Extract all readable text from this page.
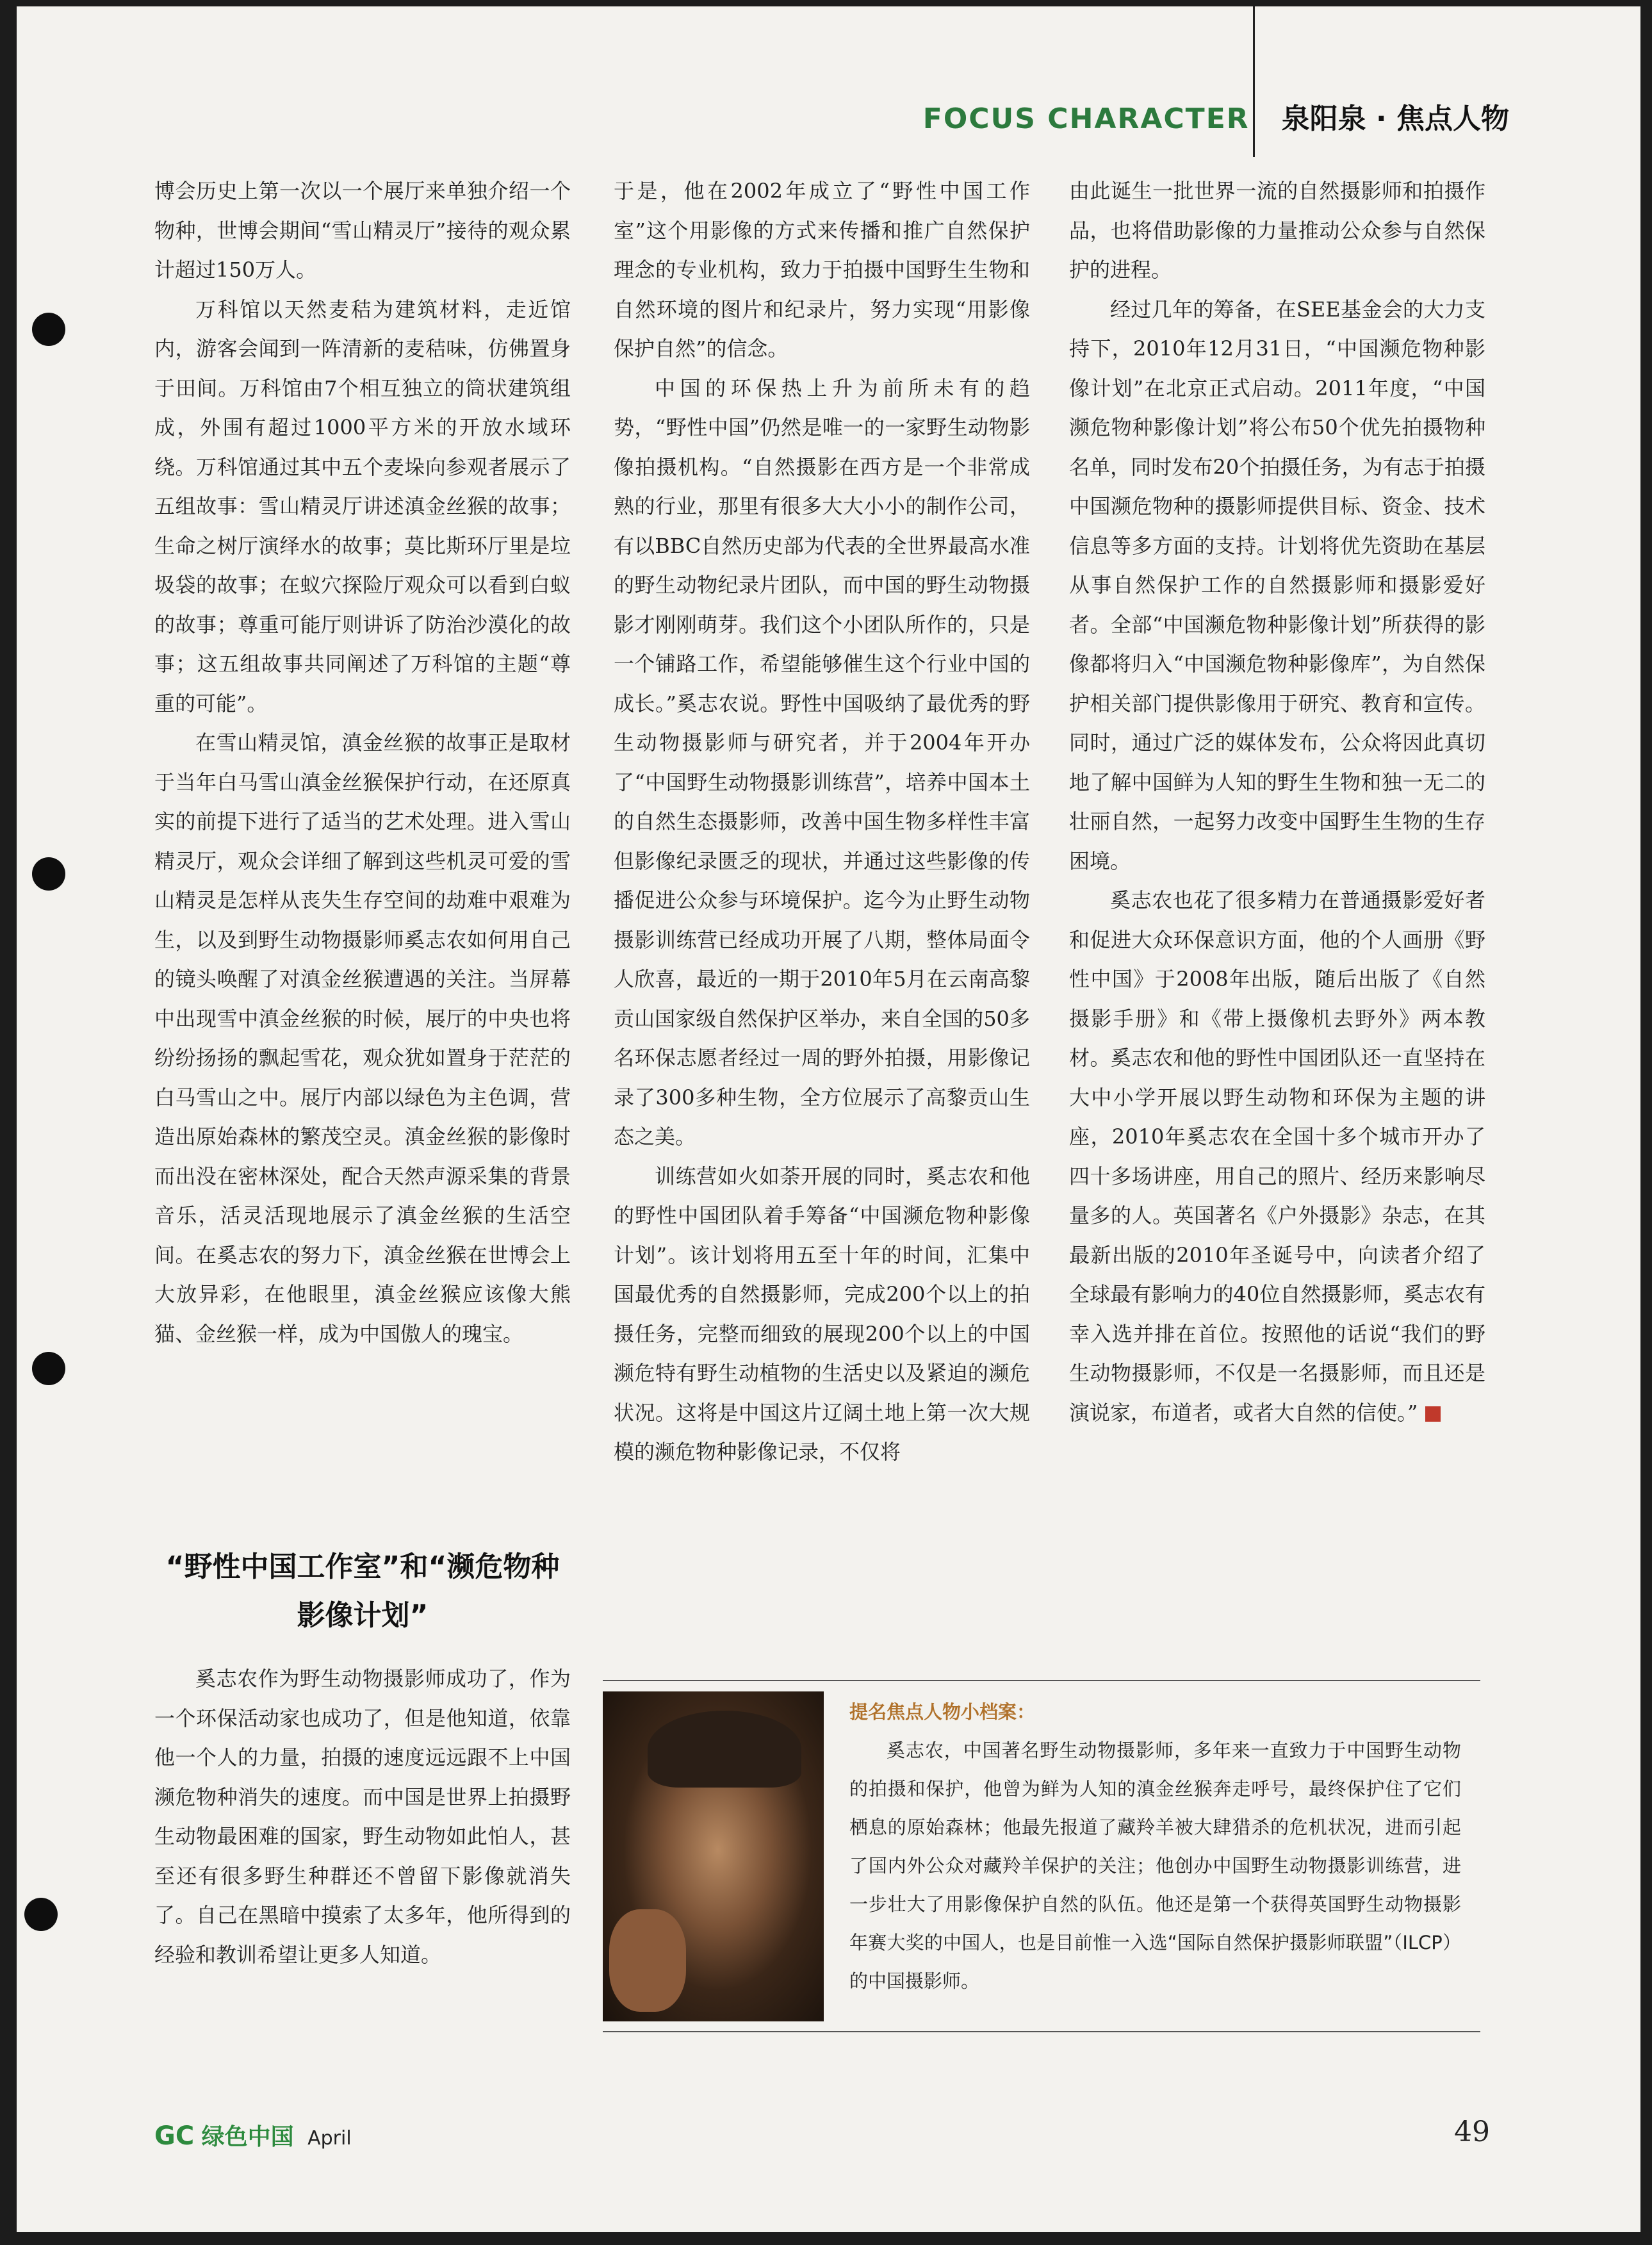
FOCUS CHARACTER 泉阳泉 · 焦点人物

博会历史上第一次以一个展厅来单独介绍一个物种，世博会期间“雪山精灵厅”接待的观众累计超过150万人。

万科馆以天然麦秸为建筑材料，走近馆内，游客会闻到一阵清新的麦秸味，仿佛置身于田间。万科馆由7个相互独立的筒状建筑组成，外围有超过1000平方米的开放水域环绕。万科馆通过其中五个麦垛向参观者展示了五组故事：雪山精灵厅讲述滇金丝猴的故事；生命之树厅演绎水的故事；莫比斯环厅里是垃圾袋的故事；在蚁穴探险厅观众可以看到白蚁的故事；尊重可能厅则讲诉了防治沙漠化的故事；这五组故事共同阐述了万科馆的主题“尊重的可能”。

在雪山精灵馆，滇金丝猴的故事正是取材于当年白马雪山滇金丝猴保护行动，在还原真实的前提下进行了适当的艺术处理。进入雪山精灵厅，观众会详细了解到这些机灵可爱的雪山精灵是怎样从丧失生存空间的劫难中艰难为生，以及到野生动物摄影师奚志农如何用自己的镜头唤醒了对滇金丝猴遭遇的关注。当屏幕中出现雪中滇金丝猴的时候，展厅的中央也将纷纷扬扬的飘起雪花，观众犹如置身于茫茫的白马雪山之中。展厅内部以绿色为主色调，营造出原始森林的繁茂空灵。滇金丝猴的影像时而出没在密林深处，配合天然声源采集的背景音乐，活灵活现地展示了滇金丝猴的生活空间。在奚志农的努力下，滇金丝猴在世博会上大放异彩，在他眼里，滇金丝猴应该像大熊猫、金丝猴一样，成为中国傲人的瑰宝。

“野性中国工作室”和“濒危物种影像计划”

奚志农作为野生动物摄影师成功了，作为一个环保活动家也成功了，但是他知道，依靠他一个人的力量，拍摄的速度远远跟不上中国濒危物种消失的速度。而中国是世界上拍摄野生动物最困难的国家，野生动物如此怕人，甚至还有很多野生种群还不曾留下影像就消失了。自己在黑暗中摸索了太多年，他所得到的经验和教训希望让更多人知道。

于是，他在2002年成立了“野性中国工作室”这个用影像的方式来传播和推广自然保护理念的专业机构，致力于拍摄中国野生生物和自然环境的图片和纪录片，努力实现“用影像保护自然”的信念。

中国的环保热上升为前所未有的趋势，“野性中国”仍然是唯一的一家野生动物影像拍摄机构。“自然摄影在西方是一个非常成熟的行业，那里有很多大大小小的制作公司，有以BBC自然历史部为代表的全世界最高水准的野生动物纪录片团队，而中国的野生动物摄影才刚刚萌芽。我们这个小团队所作的，只是一个铺路工作，希望能够催生这个行业中国的成长。”奚志农说。野性中国吸纳了最优秀的野生动物摄影师与研究者，并于2004年开办了“中国野生动物摄影训练营”，培养中国本土的自然生态摄影师，改善中国生物多样性丰富但影像纪录匮乏的现状，并通过这些影像的传播促进公众参与环境保护。迄今为止野生动物摄影训练营已经成功开展了八期，整体局面令人欣喜，最近的一期于2010年5月在云南高黎贡山国家级自然保护区举办，来自全国的50多名环保志愿者经过一周的野外拍摄，用影像记录了300多种生物，全方位展示了高黎贡山生态之美。

训练营如火如荼开展的同时，奚志农和他的野性中国团队着手筹备“中国濒危物种影像计划”。该计划将用五至十年的时间，汇集中国最优秀的自然摄影师，完成200个以上的拍摄任务，完整而细致的展现200个以上的中国濒危特有野生动植物的生活史以及紧迫的濒危状况。这将是中国这片辽阔土地上第一次大规模的濒危物种影像记录，不仅将

由此诞生一批世界一流的自然摄影师和拍摄作品，也将借助影像的力量推动公众参与自然保护的进程。

经过几年的筹备，在SEE基金会的大力支持下，2010年12月31日，“中国濒危物种影像计划”在北京正式启动。2011年度，“中国濒危物种影像计划”将公布50个优先拍摄物种名单，同时发布20个拍摄任务，为有志于拍摄中国濒危物种的摄影师提供目标、资金、技术信息等多方面的支持。计划将优先资助在基层从事自然保护工作的自然摄影师和摄影爱好者。全部“中国濒危物种影像计划”所获得的影像都将归入“中国濒危物种影像库”，为自然保护相关部门提供影像用于研究、教育和宣传。同时，通过广泛的媒体发布，公众将因此真切地了解中国鲜为人知的野生生物和独一无二的壮丽自然，一起努力改变中国野生生物的生存困境。

奚志农也花了很多精力在普通摄影爱好者和促进大众环保意识方面，他的个人画册《野性中国》于2008年出版，随后出版了《自然摄影手册》和《带上摄像机去野外》两本教材。奚志农和他的野性中国团队还一直坚持在大中小学开展以野生动物和环保为主题的讲座，2010年奚志农在全国十多个城市开办了四十多场讲座，用自己的照片、经历来影响尽量多的人。英国著名《户外摄影》杂志，在其最新出版的2010年圣诞号中，向读者介绍了全球最有影响力的40位自然摄影师，奚志农有幸入选并排在首位。按照他的话说“我们的野生动物摄影师，不仅是一名摄影师，而且还是演说家，布道者，或者大自然的信使。”

提名焦点人物小档案：

奚志农，中国著名野生动物摄影师，多年来一直致力于中国野生动物的拍摄和保护，他曾为鲜为人知的滇金丝猴奔走呼号，最终保护住了它们栖息的原始森林；他最先报道了藏羚羊被大肆猎杀的危机状况，进而引起了国内外公众对藏羚羊保护的关注；他创办中国野生动物摄影训练营，进一步壮大了用影像保护自然的队伍。他还是第一个获得英国野生动物摄影年赛大奖的中国人，也是目前惟一入选“国际自然保护摄影师联盟”（ILCP）的中国摄影师。

GC 绿色中国 April	49
